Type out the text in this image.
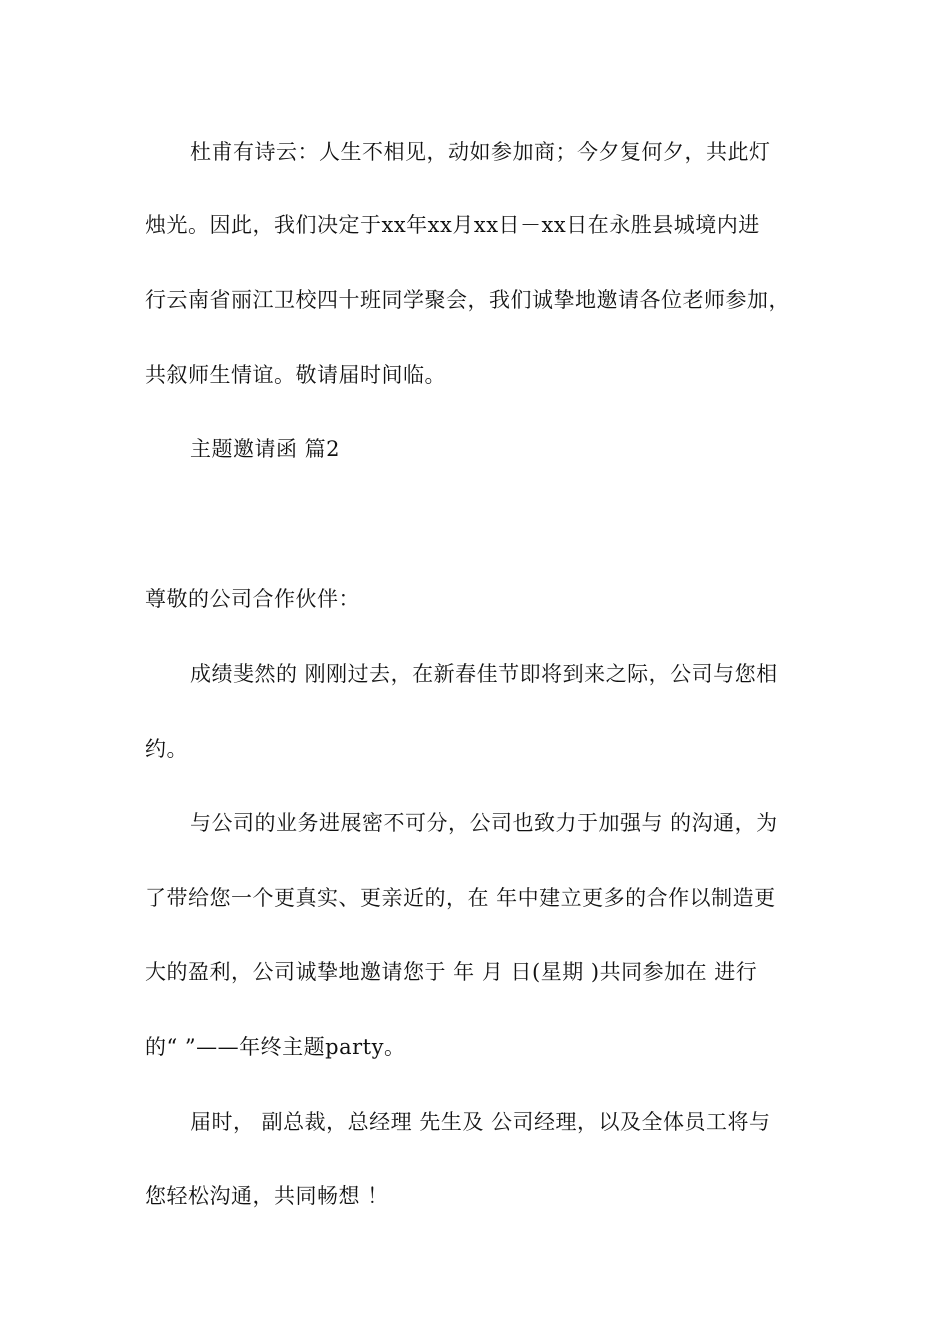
杜甫有诗云：人生不相见，动如参加商；今夕复何夕，共此灯
烛光。因此，我们决定于xx年xx月xx日－xx日在永胜县城境内进
行云南省丽江卫校四十班同学聚会，我们诚挚地邀请各位老师参加，
共叙师生情谊。敬请届时间临。
主题邀请函 篇2
尊敬的公司合作伙伴：
成绩斐然的 刚刚过去，在新春佳节即将到来之际，公司与您相
约。
与公司的业务进展密不可分，公司也致力于加强与 的沟通，为
了带给您一个更真实、更亲近的，在 年中建立更多的合作以制造更
大的盈利，公司诚挚地邀请您于 年 月 日(星期 )共同参加在 进行
的“ ”——年终主题party。
届时， 副总裁，总经理 先生及 公司经理，以及全体员工将与
您轻松沟通，共同畅想 ！
